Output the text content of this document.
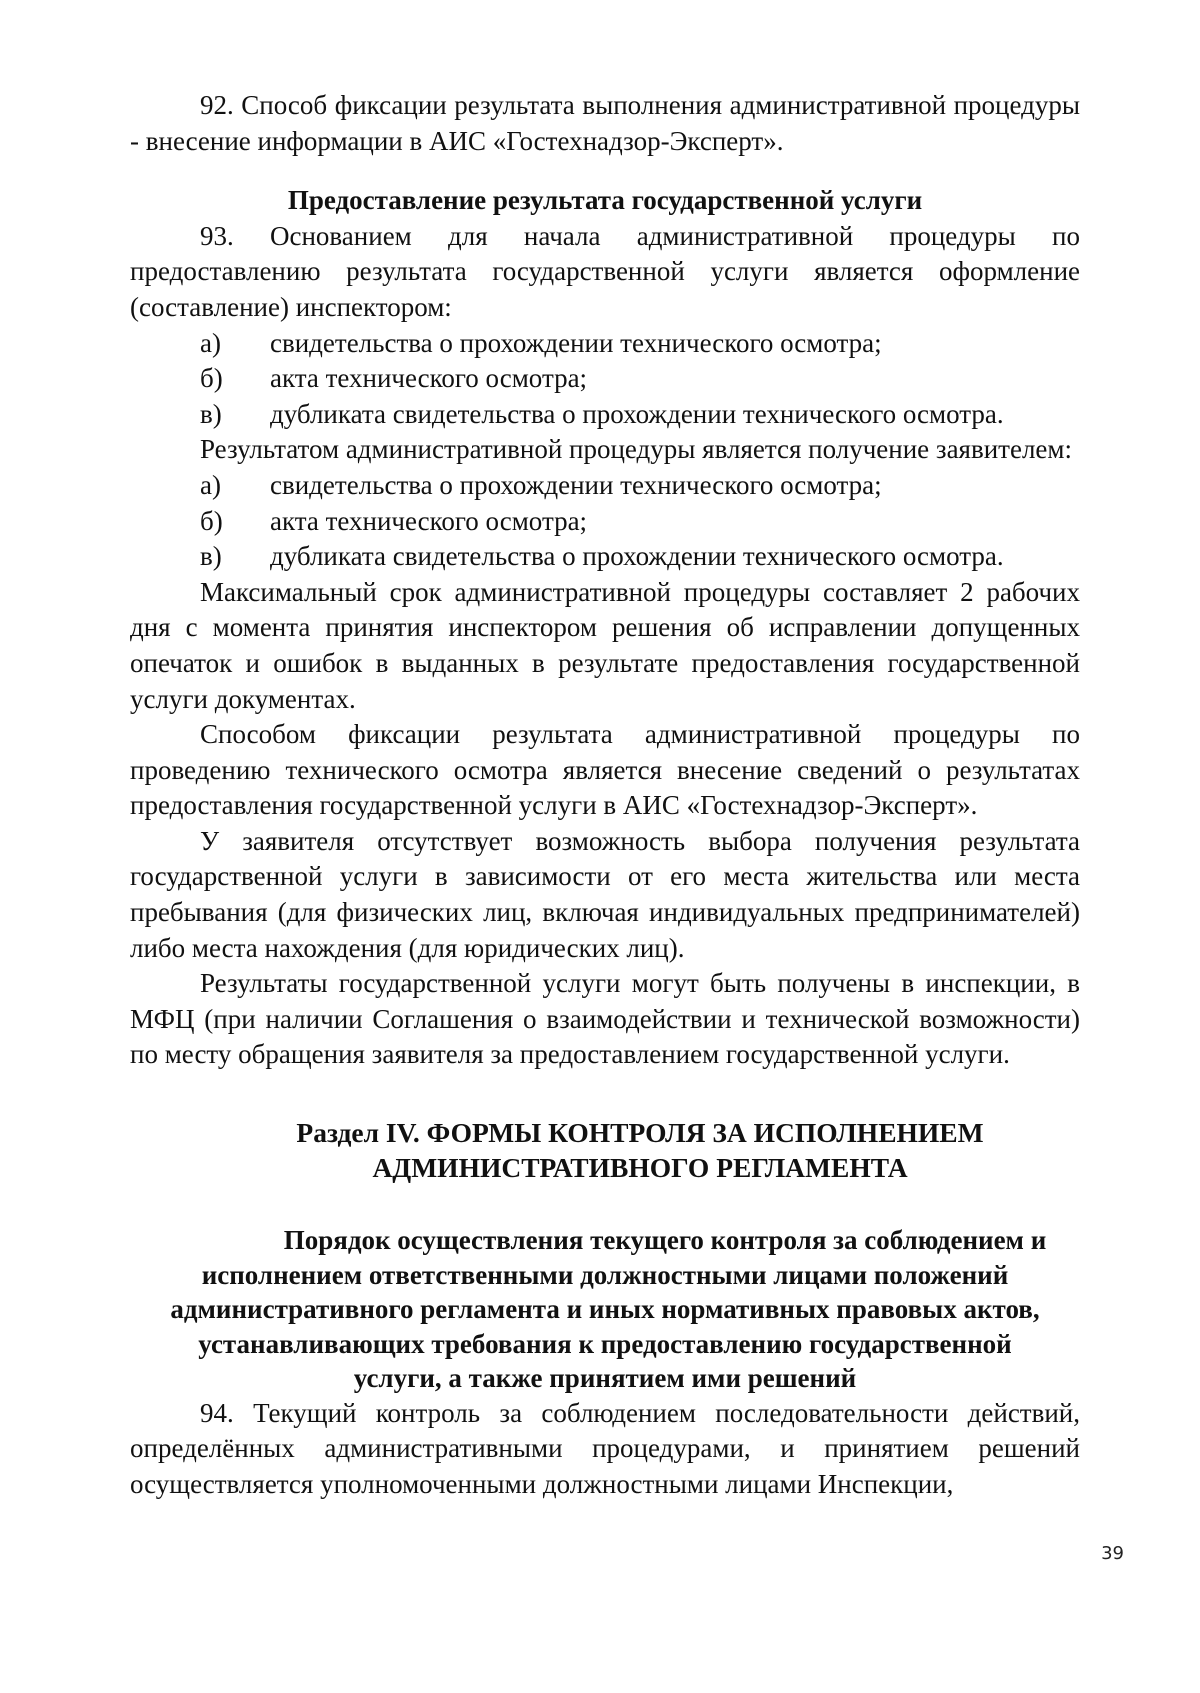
92. Способ фиксации результата выполнения административной процедуры - внесение информации в АИС «Гостехнадзор-Эксперт».

Предоставление результата государственной услуги

93. Основанием для начала административной процедуры по предоставлению результата государственной услуги является оформление (составление) инспектором:

а)	свидетельства о прохождении технического осмотра;
б)	акта технического осмотра;
в)	дубликата свидетельства о прохождении технического осмотра.

Результатом административной процедуры является получение заявителем:

а)	свидетельства о прохождении технического осмотра;
б)	акта технического осмотра;
в)	дубликата свидетельства о прохождении технического осмотра.

Максимальный срок административной процедуры составляет 2 рабочих дня с момента принятия инспектором решения об исправлении допущенных опечаток и ошибок в выданных в результате предоставления государственной услуги документах.

Способом фиксации результата административной процедуры по проведению технического осмотра является внесение сведений о результатах предоставления государственной услуги в АИС «Гостехнадзор-Эксперт».

У заявителя отсутствует возможность выбора получения результата государственной услуги в зависимости от его места жительства или места пребывания (для физических лиц, включая индивидуальных предпринимателей) либо места нахождения (для юридических лиц).

Результаты государственной услуги могут быть получены в инспекции, в МФЦ (при наличии Соглашения о взаимодействии и технической возможности) по месту обращения заявителя за предоставлением государственной услуги.

Раздел IV. ФОРМЫ КОНТРОЛЯ ЗА ИСПОЛНЕНИЕМ
АДМИНИСТРАТИВНОГО РЕГЛАМЕНТА
Порядок осуществления текущего контроля за соблюдением и
исполнением ответственными должностными лицами положений
административного регламента и иных нормативных правовых актов,
устанавливающих требования к предоставлению государственной
услуги, а также принятием ими решений

94. Текущий контроль за соблюдением последовательности действий, определённых административными процедурами, и принятием решений осуществляется уполномоченными должностными лицами Инспекции,

39
